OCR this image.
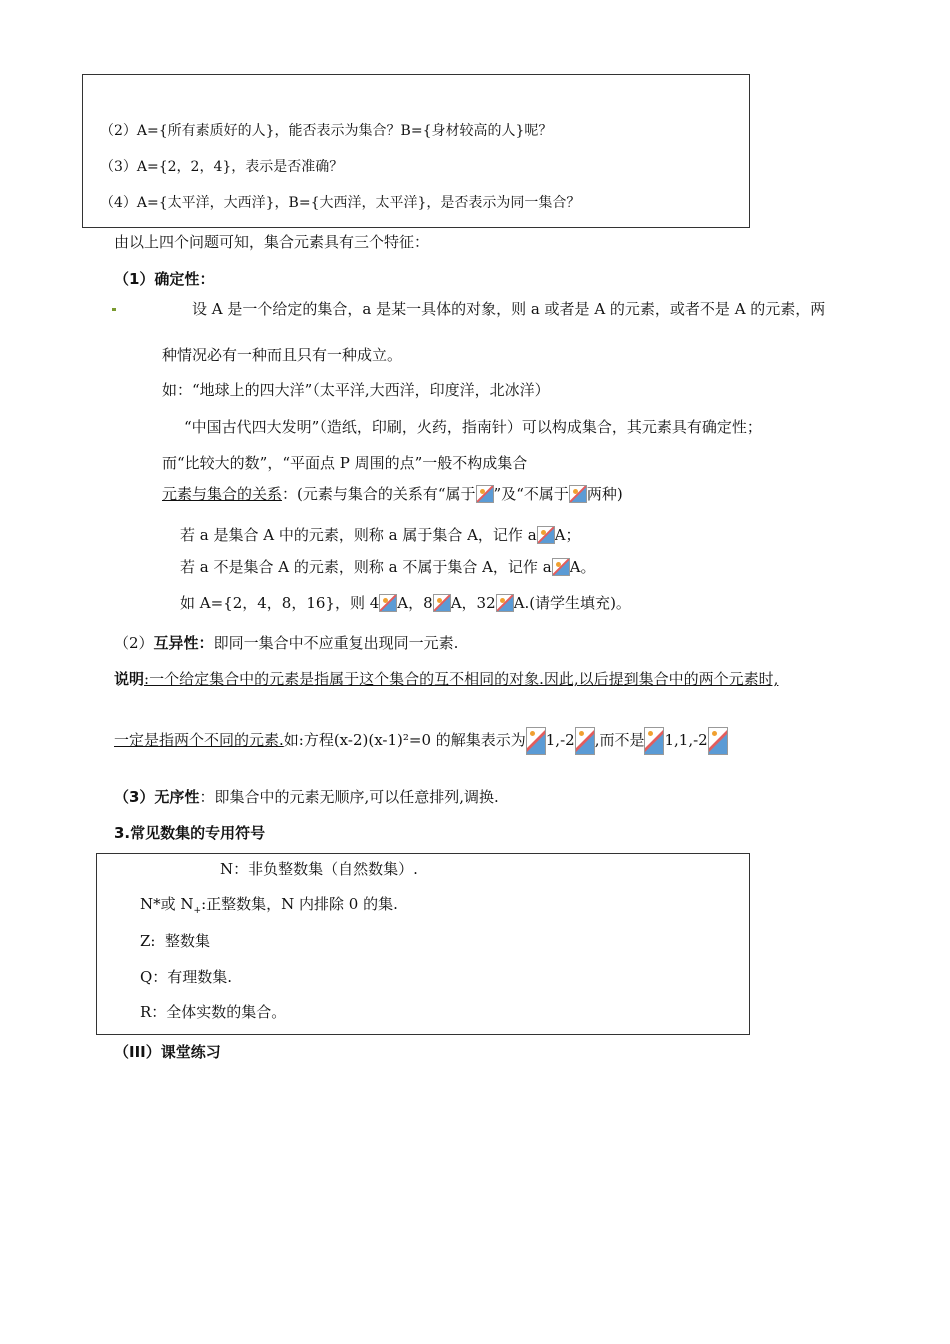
（2）A={所有素质好的人}，能否表示为集合？B={身材较高的人}呢？
（3）A={2，2，4}，表示是否准确？
（4）A={太平洋，大西洋}，B={大西洋，太平洋}，是否表示为同一集合？
由以上四个问题可知，集合元素具有三个特征：
（1）确定性：
设 A 是一个给定的集合，a 是某一具体的对象，则 a 或者是 A 的元素，或者不是 A 的元素，两
种情况必有一种而且只有一种成立。
如：“地球上的四大洋”（太平洋,大西洋，印度洋，北冰洋）
“中国古代四大发明”（造纸，印刷，火药，指南针）可以构成集合，其元素具有确定性；
而“比较大的数”，“平面点 P 周围的点”一般不构成集合
元素与集合的关系：(元素与集合的关系有“属于 ”及“不属于 两种)
若 a 是集合 A 中的元素，则称 a 属于集合 A，记作 a A；
若 a 不是集合 A 的元素，则称 a 不属于集合 A，记作 a A。
如 A={2，4，8，16}，则 4 A，8 A，32 A.(请学生填充)。
（2）互异性：即同一集合中不应重复出现同一元素.
说明:一个给定集合中的元素是指属于这个集合的互不相同的对象.因此,以后提到集合中的两个元素时,
一定是指两个不同的元素.如:方程(x-2)(x-1)²=0 的解集表示为 1,-2 ,而不是 1,1,-2
（3）无序性：即集合中的元素无顺序,可以任意排列,调换.
3.常见数集的专用符号
N：非负整数集（自然数集）.
N*或 $N_+$:正整数集，N 内排除 0 的集.
Z:  整数集
Q：有理数集.
R：全体实数的集合。
（III）课堂练习
